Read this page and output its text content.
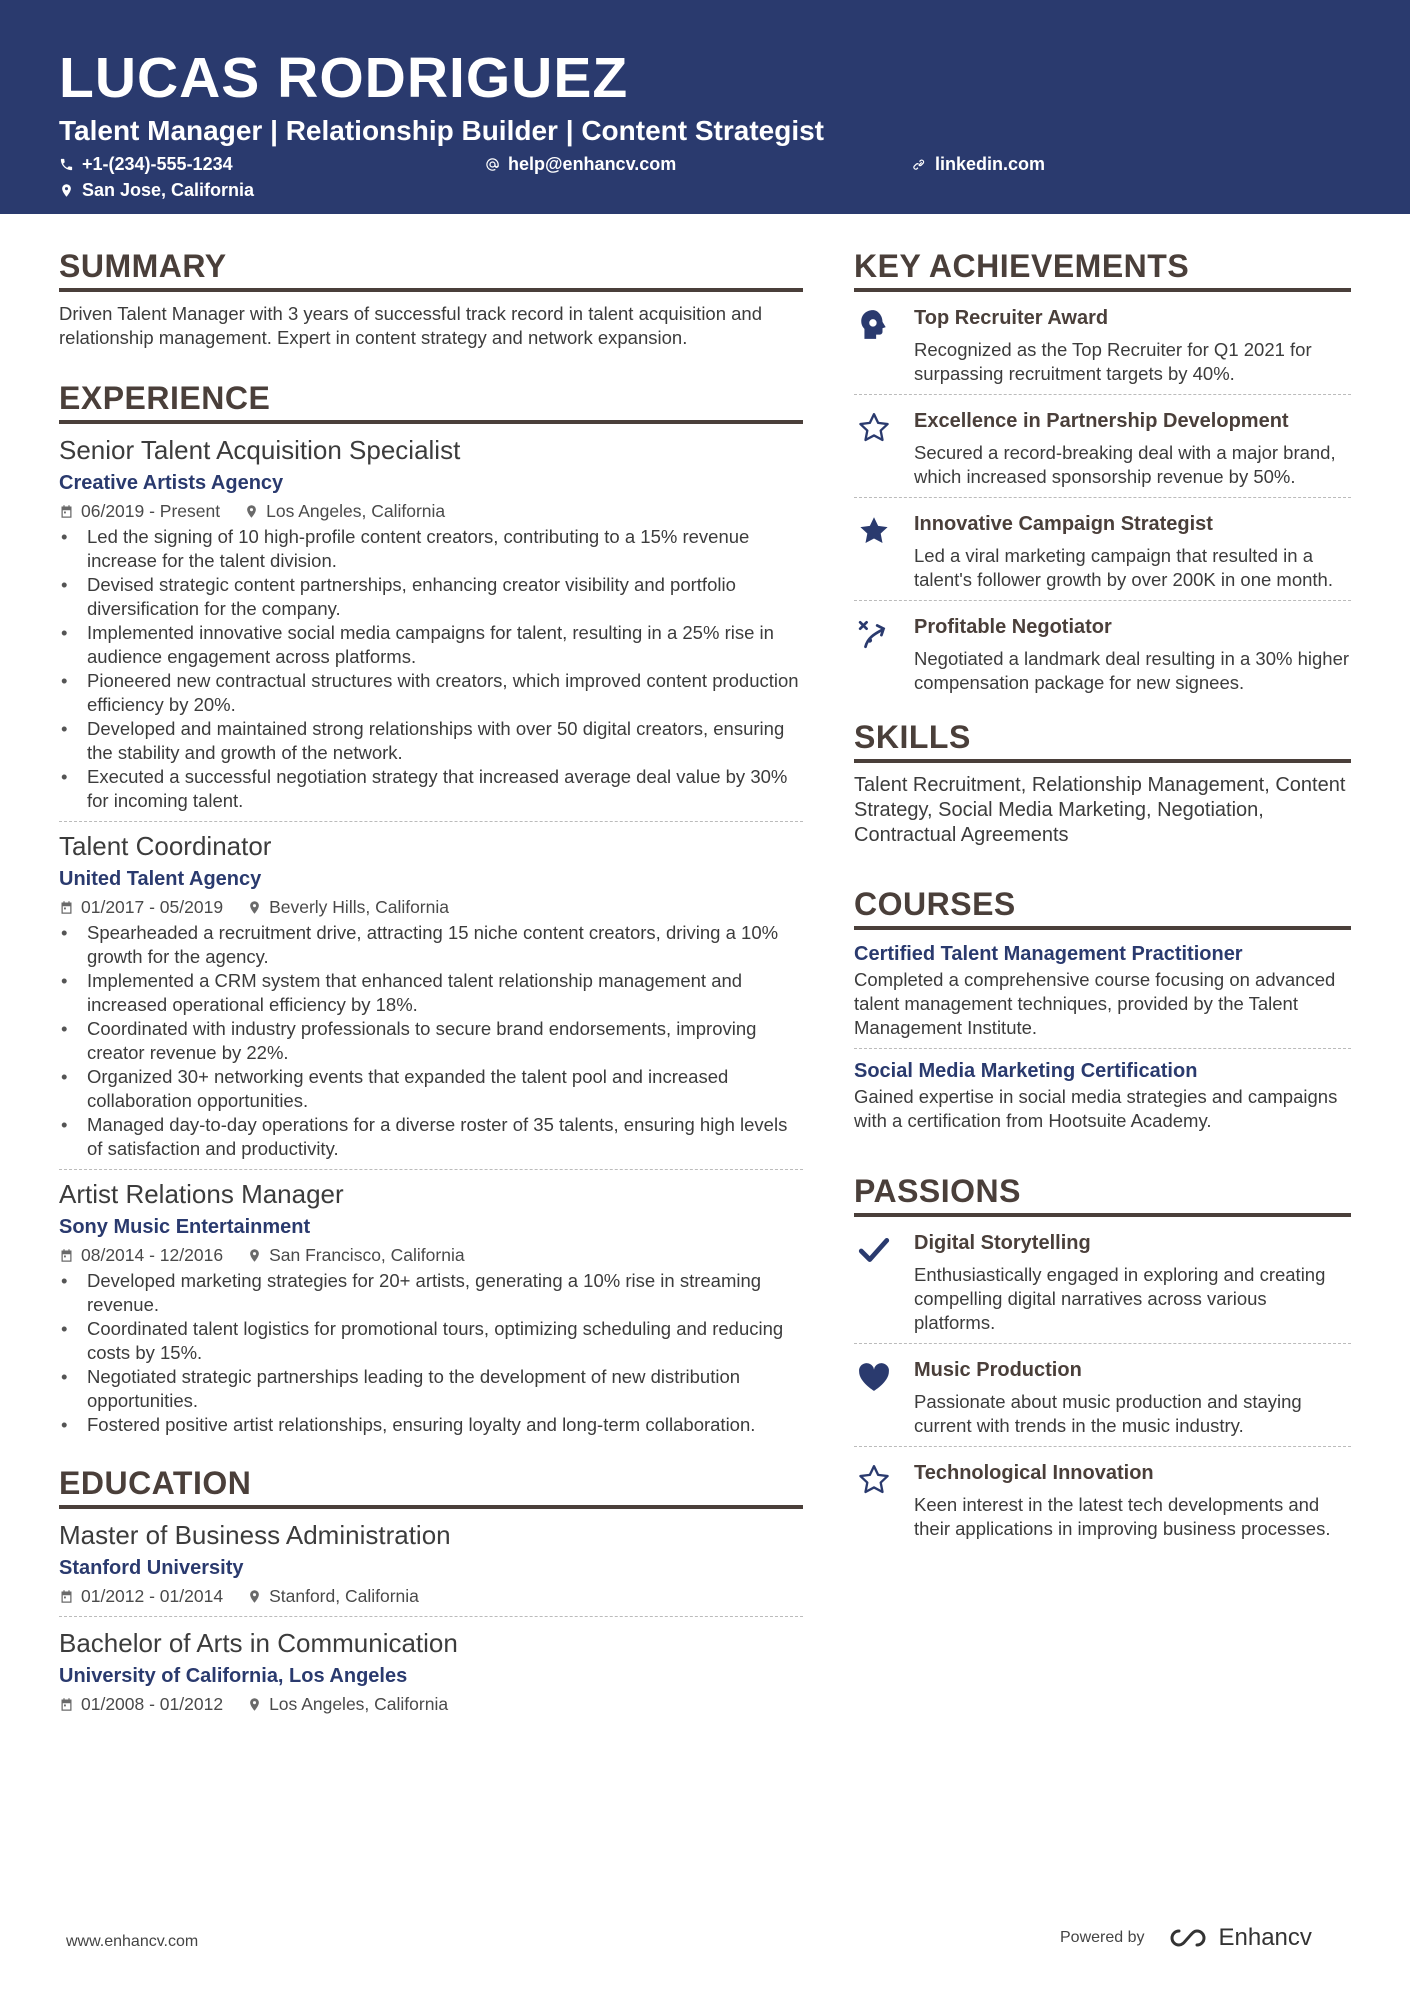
LUCAS RODRIGUEZ
Talent Manager | Relationship Builder | Content Strategist
+1-(234)-555-1234	help@enhancv.com	linkedin.com
San Jose, California
SUMMARY
Driven Talent Manager with 3 years of successful track record in talent acquisition and relationship management. Expert in content strategy and network expansion.
EXPERIENCE
Senior Talent Acquisition Specialist
Creative Artists Agency
06/2019 - Present	Los Angeles, California
• Led the signing of 10 high-profile content creators, contributing to a 15% revenue increase for the talent division.
• Devised strategic content partnerships, enhancing creator visibility and portfolio diversification for the company.
• Implemented innovative social media campaigns for talent, resulting in a 25% rise in audience engagement across platforms.
• Pioneered new contractual structures with creators, which improved content production efficiency by 20%.
• Developed and maintained strong relationships with over 50 digital creators, ensuring the stability and growth of the network.
• Executed a successful negotiation strategy that increased average deal value by 30% for incoming talent.
Talent Coordinator
United Talent Agency
01/2017 - 05/2019	Beverly Hills, California
• Spearheaded a recruitment drive, attracting 15 niche content creators, driving a 10% growth for the agency.
• Implemented a CRM system that enhanced talent relationship management and increased operational efficiency by 18%.
• Coordinated with industry professionals to secure brand endorsements, improving creator revenue by 22%.
• Organized 30+ networking events that expanded the talent pool and increased collaboration opportunities.
• Managed day-to-day operations for a diverse roster of 35 talents, ensuring high levels of satisfaction and productivity.
Artist Relations Manager
Sony Music Entertainment
08/2014 - 12/2016	San Francisco, California
• Developed marketing strategies for 20+ artists, generating a 10% rise in streaming revenue.
• Coordinated talent logistics for promotional tours, optimizing scheduling and reducing costs by 15%.
• Negotiated strategic partnerships leading to the development of new distribution opportunities.
• Fostered positive artist relationships, ensuring loyalty and long-term collaboration.
EDUCATION
Master of Business Administration
Stanford University
01/2012 - 01/2014	Stanford, California
Bachelor of Arts in Communication
University of California, Los Angeles
01/2008 - 01/2012	Los Angeles, California
KEY ACHIEVEMENTS
Top Recruiter Award
Recognized as the Top Recruiter for Q1 2021 for surpassing recruitment targets by 40%.
Excellence in Partnership Development
Secured a record-breaking deal with a major brand, which increased sponsorship revenue by 50%.
Innovative Campaign Strategist
Led a viral marketing campaign that resulted in a talent's follower growth by over 200K in one month.
Profitable Negotiator
Negotiated a landmark deal resulting in a 30% higher compensation package for new signees.
SKILLS
Talent Recruitment, Relationship Management, Content Strategy, Social Media Marketing, Negotiation, Contractual Agreements
COURSES
Certified Talent Management Practitioner
Completed a comprehensive course focusing on advanced talent management techniques, provided by the Talent Management Institute.
Social Media Marketing Certification
Gained expertise in social media strategies and campaigns with a certification from Hootsuite Academy.
PASSIONS
Digital Storytelling
Enthusiastically engaged in exploring and creating compelling digital narratives across various platforms.
Music Production
Passionate about music production and staying current with trends in the music industry.
Technological Innovation
Keen interest in the latest tech developments and their applications in improving business processes.
www.enhancv.com	Powered by	Enhancv
